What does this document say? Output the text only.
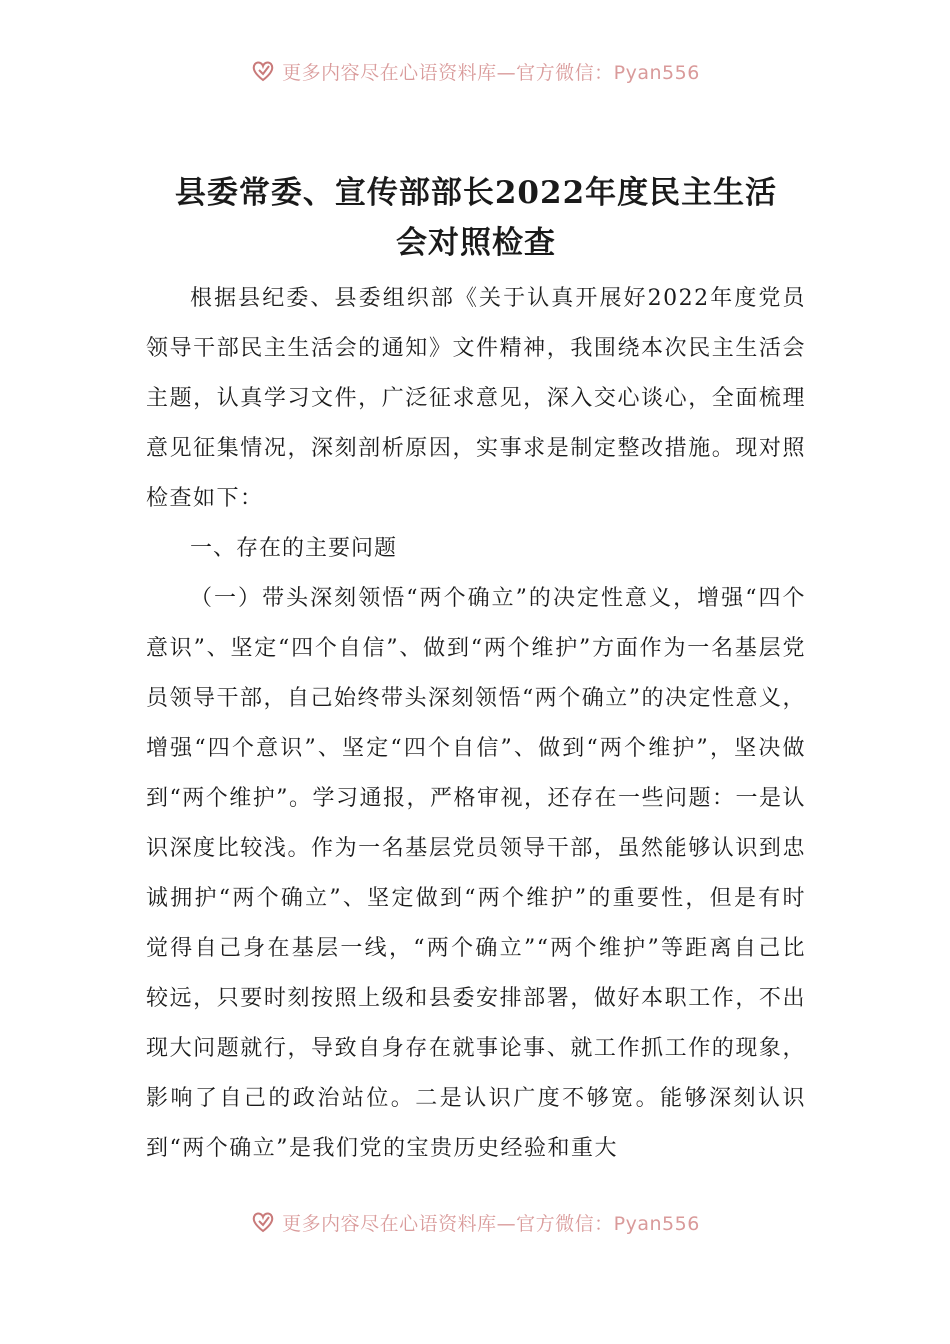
更多内容尽在心语资料库—官方微信：Pyan556
县委常委、宣传部部长2022年度民主生活
会对照检查

根据县纪委、县委组织部《关于认真开展好2022年度党员领导干部民主生活会的通知》文件精神，我围绕本次民主生活会主题，认真学习文件，广泛征求意见，深入交心谈心，全面梳理意见征集情况，深刻剖析原因，实事求是制定整改措施。现对照检查如下：

一、存在的主要问题

（一）带头深刻领悟“两个确立”的决定性意义，增强“四个意识”、坚定“四个自信”、做到“两个维护”方面作为一名基层党员领导干部，自己始终带头深刻领悟“两个确立”的决定性意义，增强“四个意识”、坚定“四个自信”、做到“两个维护”，坚决做到“两个维护”。学习通报，严格审视，还存在一些问题：一是认识深度比较浅。作为一名基层党员领导干部，虽然能够认识到忠诚拥护“两个确立”、坚定做到“两个维护”的重要性，但是有时觉得自己身在基层一线，“两个确立”“两个维护”等距离自己比较远，只要时刻按照上级和县委安排部署，做好本职工作，不出现大问题就行，导致自身存在就事论事、就工作抓工作的现象，影响了自己的政治站位。二是认识广度不够宽。能够深刻认识到“两个确立”是我们党的宝贵历史经验和重大

更多内容尽在心语资料库—官方微信：Pyan556
